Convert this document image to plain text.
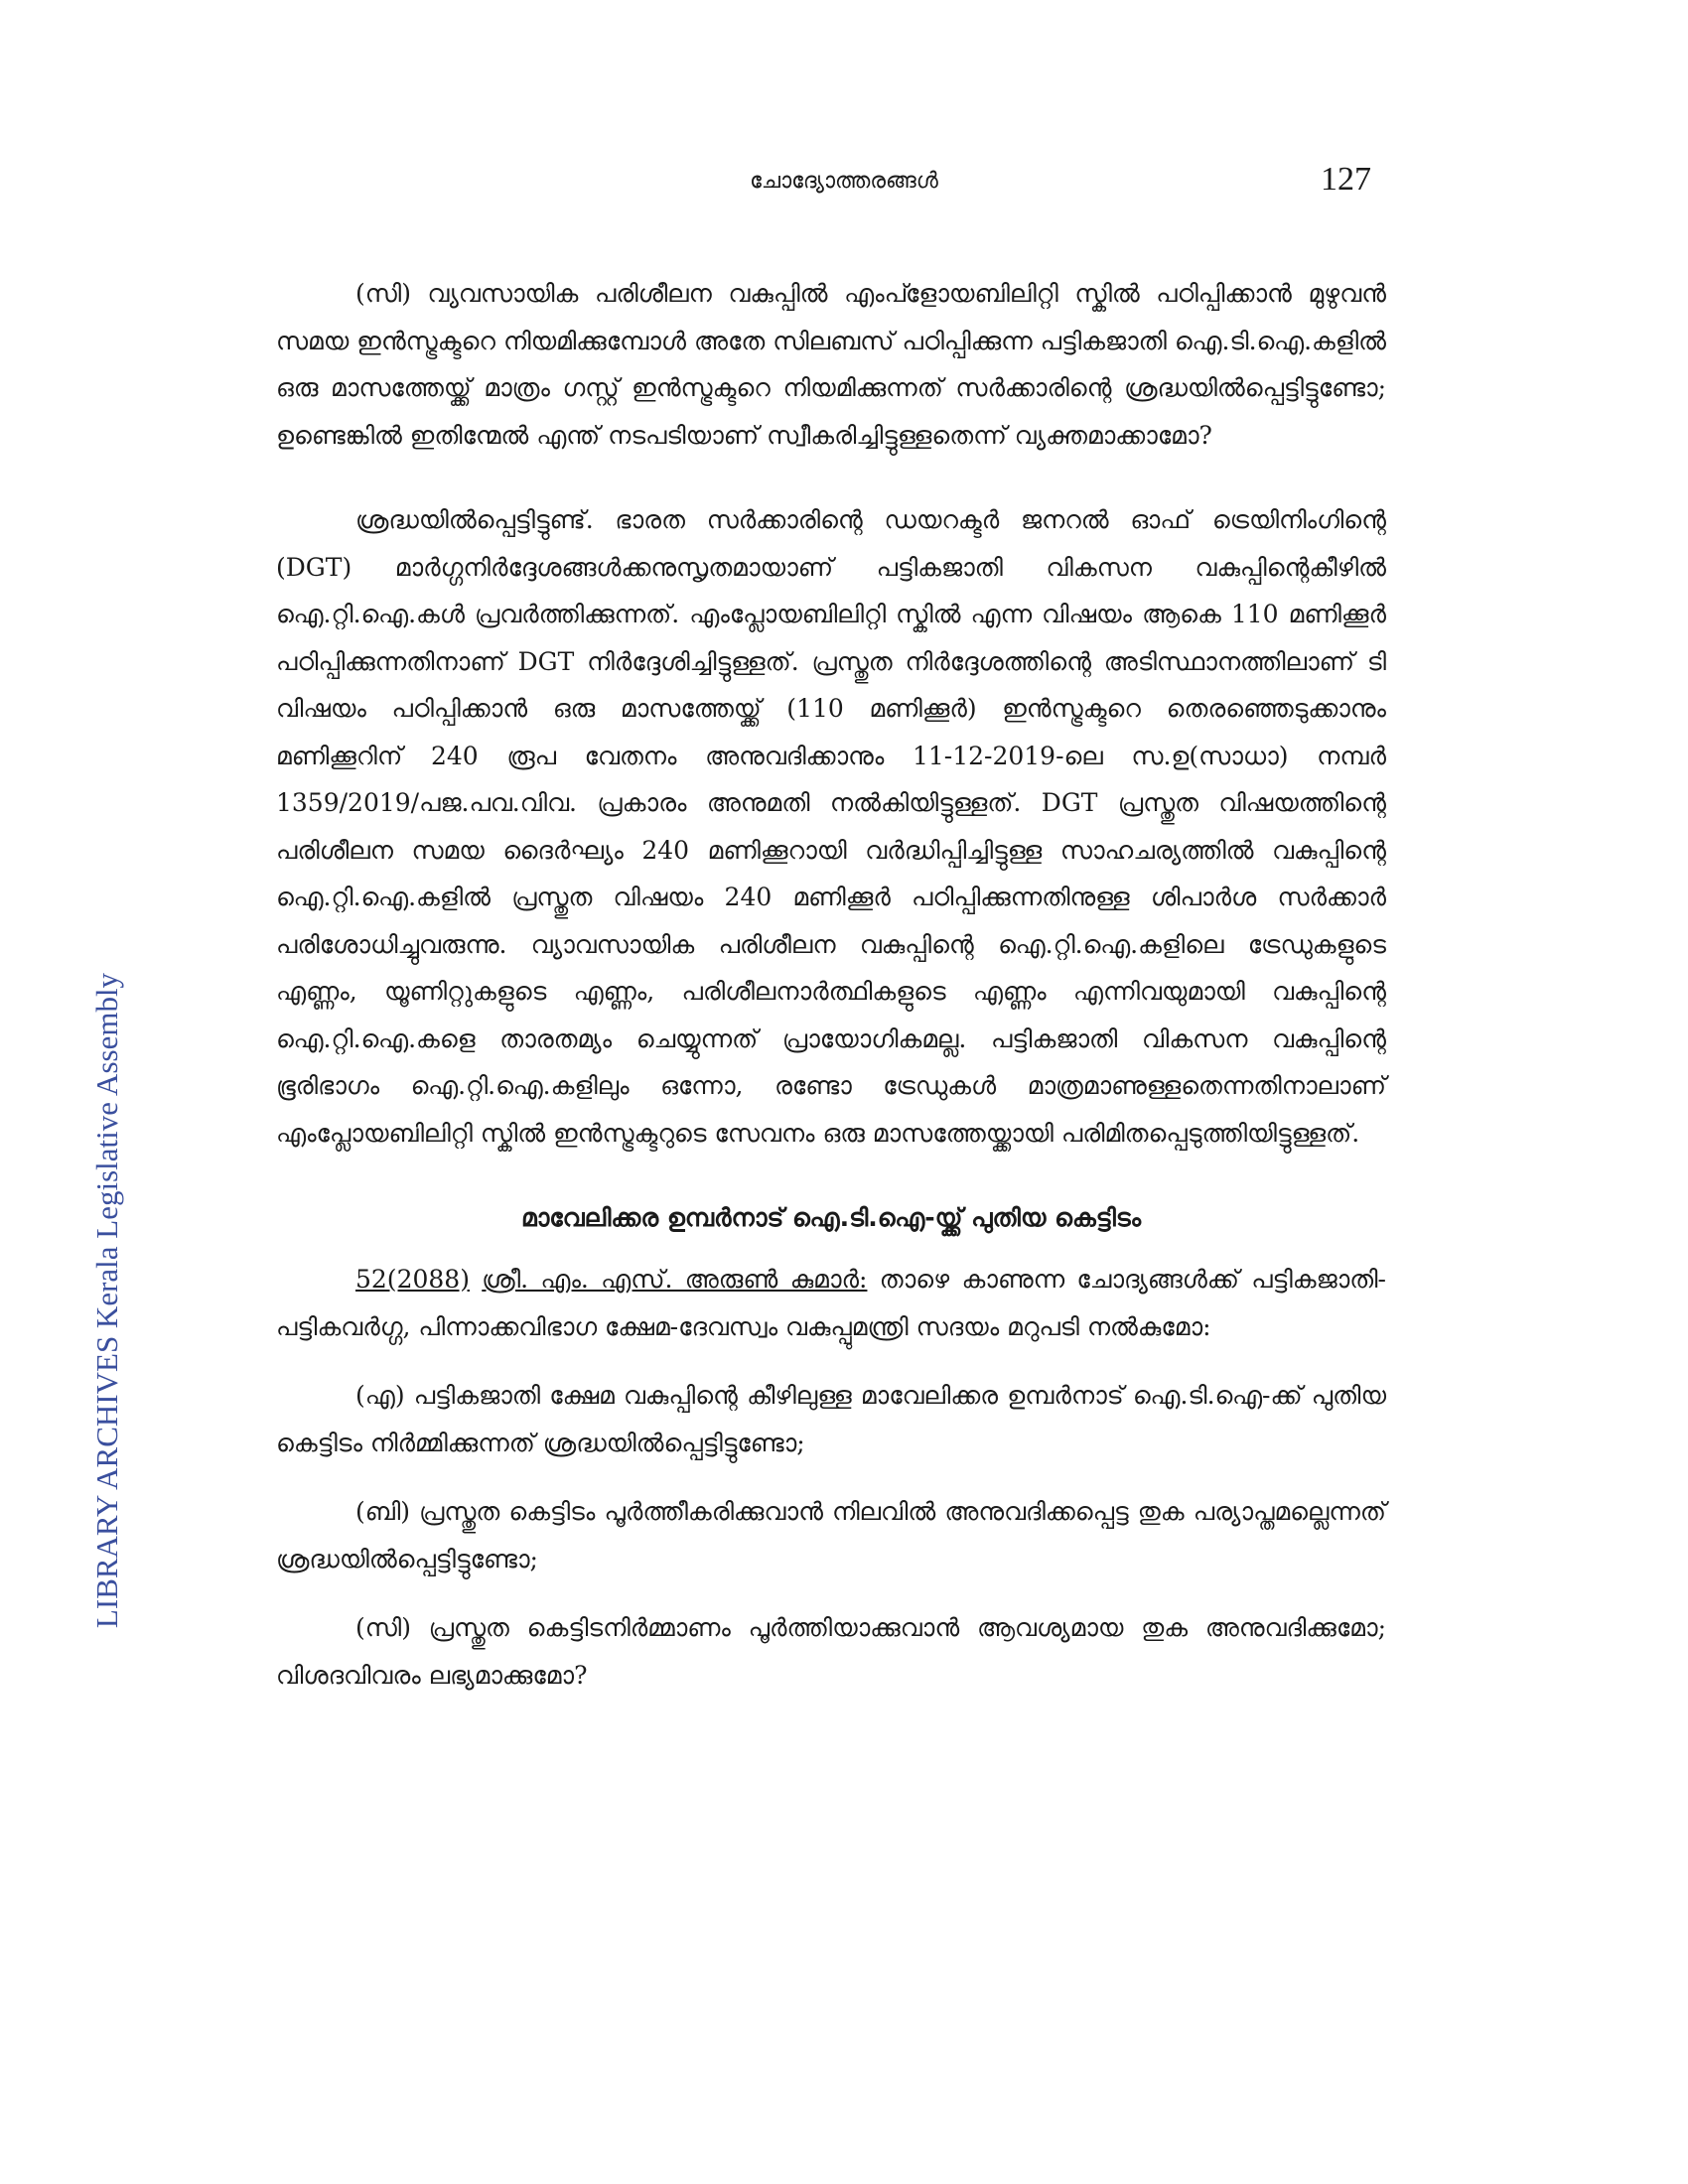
ചോദ്യോത്തരങ്ങൾ	127
LIBRARY ARCHIVES Kerala Legislative Assembly

(സി) വ്യവസായിക പരിശീലന വകുപ്പിൽ എംപ്ളോയബിലിറ്റി സ്കിൽ പഠിപ്പിക്കാൻ മുഴുവൻ സമയ ഇൻസ്ട്രക്ടറെ നിയമിക്കുമ്പോൾ അതേ സിലബസ് പഠിപ്പിക്കുന്ന പട്ടികജാതി ഐ.ടി.ഐ.കളിൽ ഒരു മാസത്തേയ്ക്ക് മാത്രം ഗസ്റ്റ് ഇൻസ്ട്രക്ടറെ നിയമിക്കുന്നത് സർക്കാരിന്റെ ശ്രദ്ധയിൽപ്പെട്ടിട്ടുണ്ടോ; ഉണ്ടെങ്കിൽ ഇതിന്മേൽ എന്ത് നടപടിയാണ് സ്വീകരിച്ചിട്ടുള്ളതെന്ന് വ്യക്തമാക്കാമോ?

ശ്രദ്ധയിൽപ്പെട്ടിട്ടുണ്ട്. ഭാരത സർക്കാരിന്റെ ഡയറക്ടർ ജനറൽ ഓഫ് ട്രെയിനിംഗിന്റെ (DGT) മാർഗ്ഗനിർദ്ദേശങ്ങൾക്കനുസൃതമായാണ് പട്ടികജാതി വികസന വകുപ്പിന്റെകീഴിൽ ഐ.റ്റി.ഐ.കൾ പ്രവർത്തിക്കുന്നത്. എംപ്ലോയബിലിറ്റി സ്കിൽ എന്ന വിഷയം ആകെ 110 മണിക്കൂർ പഠിപ്പിക്കുന്നതിനാണ് DGT നിർദ്ദേശിച്ചിട്ടുള്ളത്. പ്രസ്തുത നിർദ്ദേശത്തിന്റെ അടിസ്ഥാനത്തിലാണ് ടി വിഷയം പഠിപ്പിക്കാൻ ഒരു മാസത്തേയ്ക്ക് (110 മണിക്കൂർ) ഇൻസ്ട്രക്ടറെ തെരഞ്ഞെടുക്കാനും മണിക്കൂറിന് 240 രൂപ വേതനം അനുവദിക്കാനും 11-12-2019-ലെ സ.ഉ(സാധാ) നമ്പർ 1359/2019/പജ.പവ.വിവ. പ്രകാരം അനുമതി നൽകിയിട്ടുള്ളത്. DGT പ്രസ്തുത വിഷയത്തിന്റെ പരിശീലന സമയ ദൈർഘ്യം 240 മണിക്കൂറായി വർദ്ധിപ്പിച്ചിട്ടുള്ള സാഹചര്യത്തിൽ വകുപ്പിന്റെ ഐ.റ്റി.ഐ.കളിൽ പ്രസ്തുത വിഷയം 240 മണിക്കൂർ പഠിപ്പിക്കുന്നതിനുള്ള ശിപാർശ സർക്കാർ പരിശോധിച്ചുവരുന്നു. വ്യാവസായിക പരിശീലന വകുപ്പിന്റെ ഐ.റ്റി.ഐ.കളിലെ ട്രേഡുകളുടെ എണ്ണം, യൂണിറ്റുകളുടെ എണ്ണം, പരിശീലനാർത്ഥികളുടെ എണ്ണം എന്നിവയുമായി വകുപ്പിന്റെ ഐ.റ്റി.ഐ.കളെ താരതമ്യം ചെയ്യുന്നത് പ്രായോഗികമല്ല. പട്ടികജാതി വികസന വകുപ്പിന്റെ ഭൂരിഭാഗം ഐ.റ്റി.ഐ.കളിലും ഒന്നോ, രണ്ടോ ട്രേഡുകൾ മാത്രമാണുള്ളതെന്നതിനാലാണ് എംപ്ലോയബിലിറ്റി സ്കിൽ ഇൻസ്ട്രക്ടറുടെ സേവനം ഒരു മാസത്തേയ്ക്കായി പരിമിതപ്പെടുത്തിയിട്ടുള്ളത്.

മാവേലിക്കര ഉമ്പർനാട് ഐ.ടി.ഐ-യ്ക്ക് പുതിയ കെട്ടിടം

52(2088) ശ്രീ. എം. എസ്. അരുൺ കുമാർ: താഴെ കാണുന്ന ചോദ്യങ്ങൾക്ക് പട്ടികജാതി-പട്ടികവർഗ്ഗ, പിന്നാക്കവിഭാഗ ക്ഷേമ-ദേവസ്വം വകുപ്പുമന്ത്രി സദയം മറുപടി നൽകുമോ:

(എ) പട്ടികജാതി ക്ഷേമ വകുപ്പിന്റെ കീഴിലുള്ള മാവേലിക്കര ഉമ്പർനാട് ഐ.ടി.ഐ-ക്ക് പുതിയ കെട്ടിടം നിർമ്മിക്കുന്നത് ശ്രദ്ധയിൽപ്പെട്ടിട്ടുണ്ടോ;

(ബി) പ്രസ്തുത കെട്ടിടം പൂർത്തീകരിക്കുവാൻ നിലവിൽ അനുവദിക്കപ്പെട്ട തുക പര്യാപ്തമല്ലെന്നത് ശ്രദ്ധയിൽപ്പെട്ടിട്ടുണ്ടോ;

(സി) പ്രസ്തുത കെട്ടിടനിർമ്മാണം പൂർത്തിയാക്കുവാൻ ആവശ്യമായ തുക അനുവദിക്കുമോ; വിശദവിവരം ലഭ്യമാക്കുമോ?
